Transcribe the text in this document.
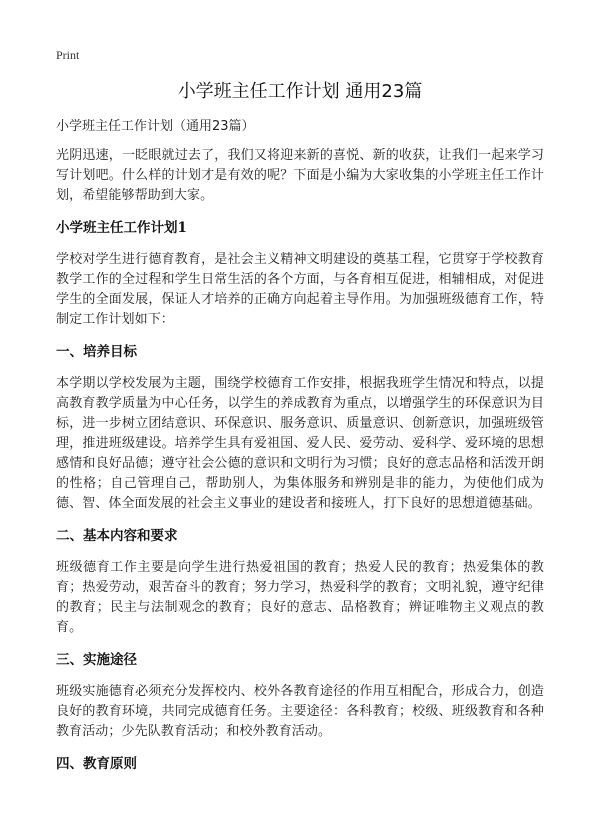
Print
小学班主任工作计划 通用23篇
小学班主任工作计划（通用23篇）

光阴迅速，一眨眼就过去了，我们又将迎来新的喜悦、新的收获，让我们一起来学习写计划吧。什么样的计划才是有效的呢？下面是小编为大家收集的小学班主任工作计划，希望能够帮助到大家。

小学班主任工作计划1

学校对学生进行德育教育，是社会主义精神文明建设的奠基工程，它贯穿于学校教育教学工作的全过程和学生日常生活的各个方面，与各育相互促进，相辅相成，对促进学生的全面发展，保证人才培养的正确方向起着主导作用。为加强班级德育工作，特制定工作计划如下：

一、培养目标

本学期以学校发展为主题，围绕学校德育工作安排，根据我班学生情况和特点，以提高教育教学质量为中心任务，以学生的养成教育为重点，以增强学生的环保意识为目标，进一步树立团结意识、环保意识、服务意识、质量意识、创新意识，加强班级管理，推进班级建设。培养学生具有爱祖国、爱人民、爱劳动、爱科学、爱环境的思想感情和良好品德；遵守社会公德的意识和文明行为习惯；良好的意志品格和活泼开朗的性格；自己管理自己，帮助别人，为集体服务和辨别是非的能力，为使他们成为德、智、体全面发展的社会主义事业的建设者和接班人，打下良好的思想道德基础。

二、基本内容和要求

班级德育工作主要是向学生进行热爱祖国的教育；热爱人民的教育；热爱集体的教育；热爱劳动，艰苦奋斗的教育；努力学习，热爱科学的教育；文明礼貌，遵守纪律的教育；民主与法制观念的教育；良好的意志、品格教育；辨证唯物主义观点的教育。

三、实施途径

班级实施德育必须充分发挥校内、校外各教育途径的作用互相配合，形成合力，创造良好的教育环境，共同完成德育任务。主要途径：各科教育；校级、班级教育和各种教育活动；少先队教育活动；和校外教育活动。

四、教育原则
